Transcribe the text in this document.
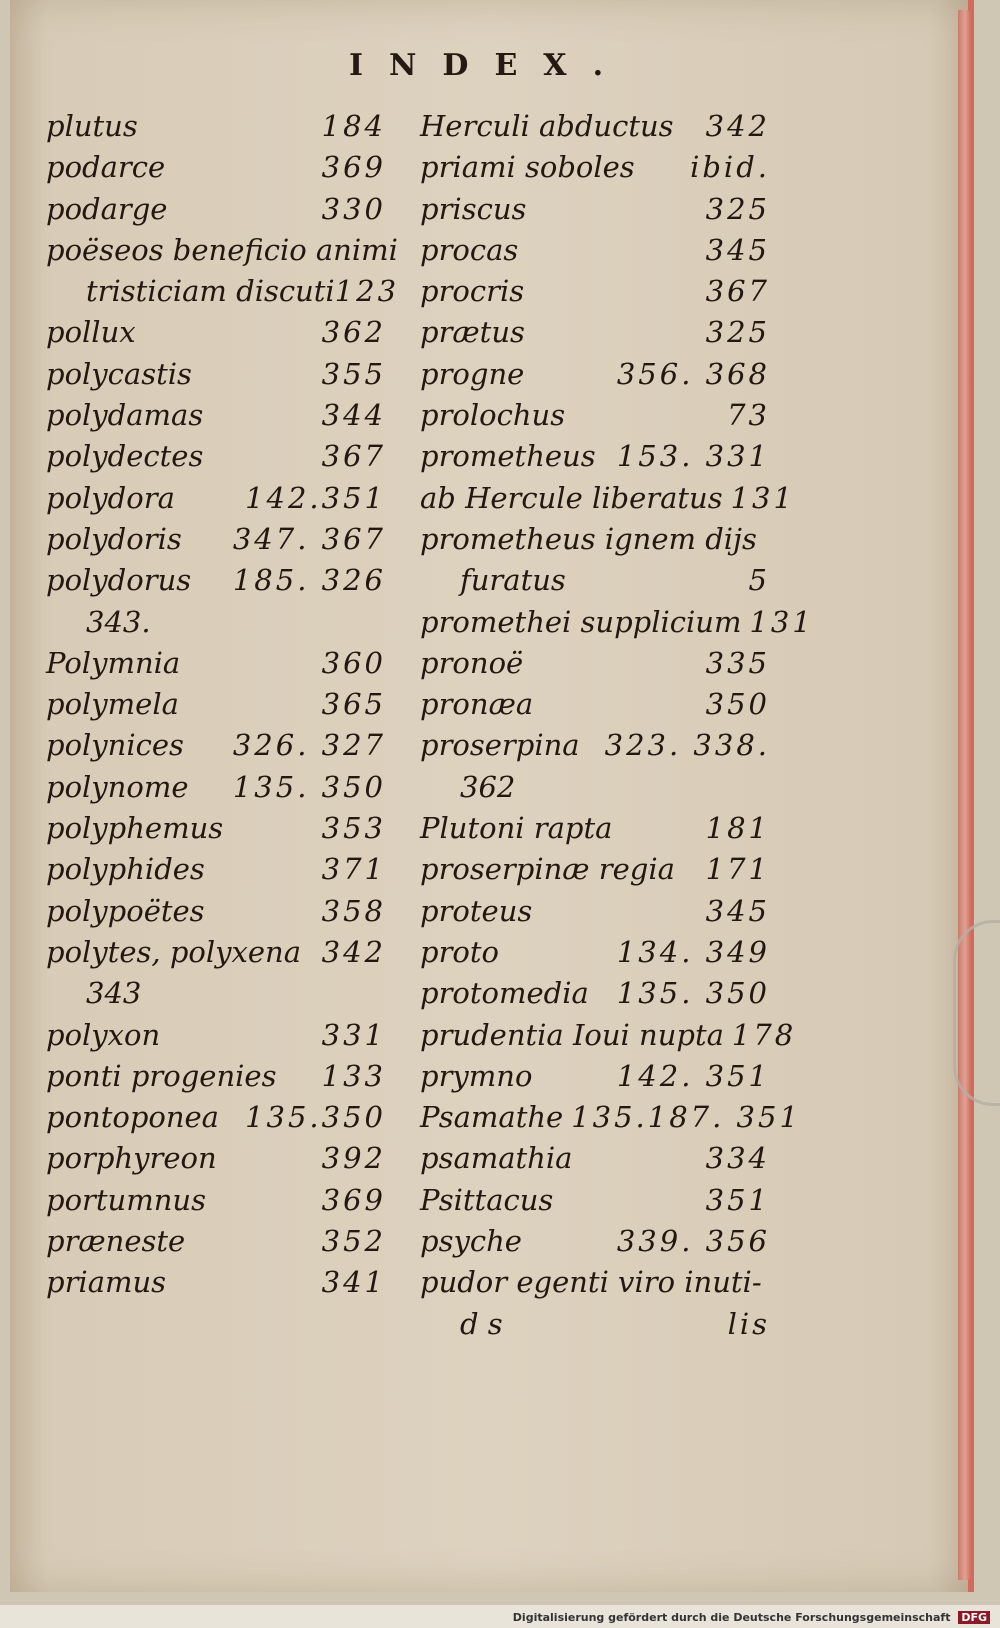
INDEX.
plutus	184
podarce	369
podarge	330
poëseos beneficio animi
tristiciam discuti 123
pollux	362
polycastis	355
polydamas	344
polydectes	367
polydora 142.351
polydoris 347. 367
polydorus 185. 326
343.
Polymnia	360
polymela	365
polynices 326. 327
polynome 135. 350
polyphemus	353
polyphides	371
polypoëtes	358
polytes, polyxena 342
343
polyxon	331
ponti progenies 133
pontoponea 135.350
porphyreon	392
portumnus	369
præneste	352
priamus	341
Herculi abductus 342
priami soboles ibid.
priscus	325
procas	345
procris	367
prætus	325
progne	356. 368
prolochus	73
prometheus 153. 331
ab Hercule liberatus 131
prometheus ignem dijs
furatus	5
promethei supplicium 131
pronoë	335
pronæa	350
proserpina 323. 338.
362
Plutoni rapta	181
proserpinæ regia 171
proteus	345
proto	134. 349
protomedia 135. 350
prudentia Ioui nupta 178
prymno	142. 351
Psamathe 135.187. 351
psamathia	334
Psittacus	351
psyche	339. 356
pudor egenti viro inuti-
d s	lis
Digitalisierung gefördert durch die Deutsche Forschungsgemeinschaft DFG
